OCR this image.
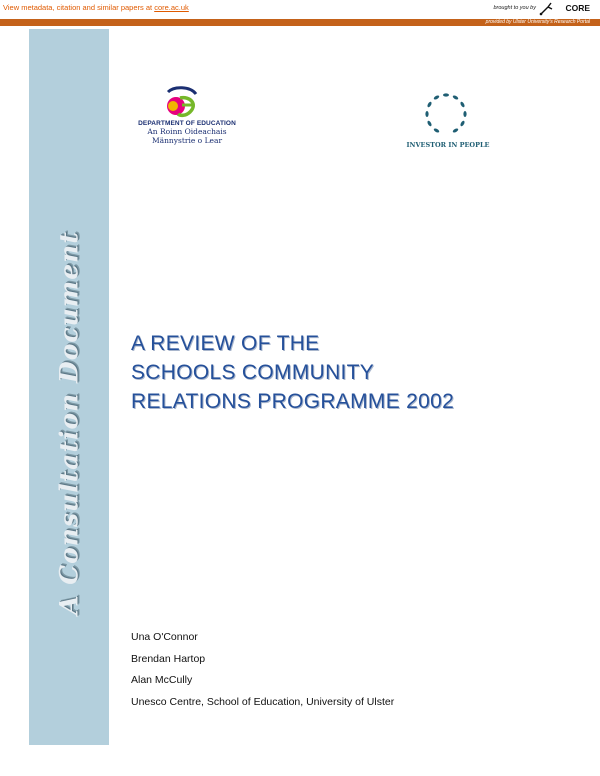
View metadata, citation and similar papers at core.ac.uk	brought to you by	CORE
provided by Ulster University's Research Portal
A Consultation Document
DEPARTMENT OF EDUCATION
An Roinn Oideachais
Männystrie o Lear	INVESTOR IN PEOPLE
A REVIEW OF THE
SCHOOLS COMMUNITY
RELATIONS PROGRAMME 2002
Una O'Connor
Brendan Hartop
Alan McCully
Unesco Centre, School of Education, University of Ulster
